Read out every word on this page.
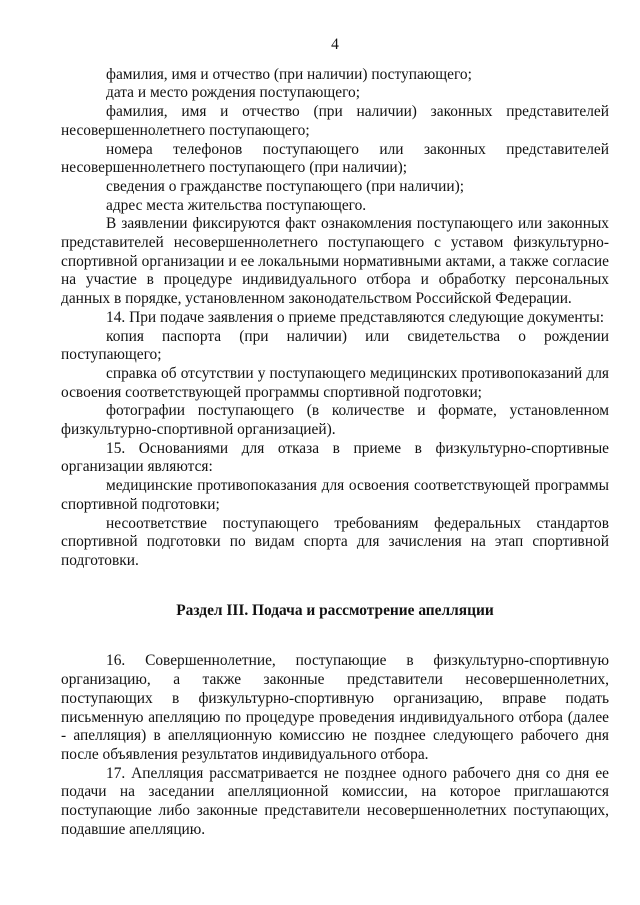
4

фамилия, имя и отчество (при наличии) поступающего;

дата и место рождения поступающего;

фамилия, имя и отчество (при наличии) законных представителей несовершеннолетнего поступающего;

номера телефонов поступающего или законных представителей несовершеннолетнего поступающего (при наличии);

сведения о гражданстве поступающего (при наличии);

адрес места жительства поступающего.

В заявлении фиксируются факт ознакомления поступающего или законных представителей несовершеннолетнего поступающего с уставом физкультурно-спортивной организации и ее локальными нормативными актами, а также согласие на участие в процедуре индивидуального отбора и обработку персональных данных в порядке, установленном законодательством Российской Федерации.

14. При подаче заявления о приеме представляются следующие документы:

копия паспорта (при наличии) или свидетельства о рождении поступающего;

справка об отсутствии у поступающего медицинских противопоказаний для освоения соответствующей программы спортивной подготовки;

фотографии поступающего (в количестве и формате, установленном физкультурно-спортивной организацией).

15. Основаниями для отказа в приеме в физкультурно-спортивные организации являются:

медицинские противопоказания для освоения соответствующей программы спортивной подготовки;

несоответствие поступающего требованиям федеральных стандартов спортивной подготовки по видам спорта для зачисления на этап спортивной подготовки.

Раздел III. Подача и рассмотрение апелляции

16. Совершеннолетние, поступающие в физкультурно-спортивную организацию, а также законные представители несовершеннолетних, поступающих в физкультурно-спортивную организацию, вправе подать письменную апелляцию по процедуре проведения индивидуального отбора (далее - апелляция) в апелляционную комиссию не позднее следующего рабочего дня после объявления результатов индивидуального отбора.

17. Апелляция рассматривается не позднее одного рабочего дня со дня ее подачи на заседании апелляционной комиссии, на которое приглашаются поступающие либо законные представители несовершеннолетних поступающих, подавшие апелляцию.
